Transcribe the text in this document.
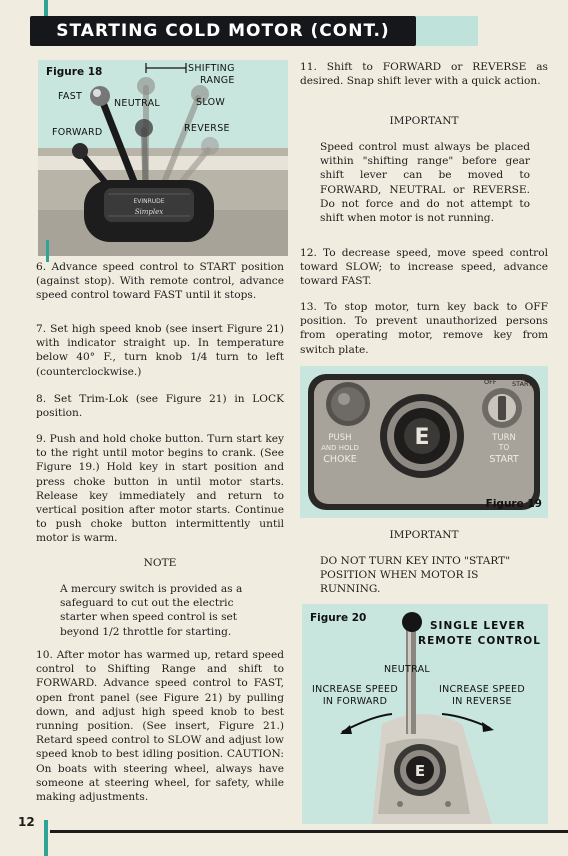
STARTING COLD MOTOR (CONT.)
EVINRUDE
Simplex
Figure 18	SHIFTING
RANGE
FAST
NEUTRAL	SLOW
FORWARD	REVERSE
6. Advance speed control to START position (against stop). With remote control, advance speed control toward FAST until it stops.
7. Set high speed knob (see insert Figure 21) with indicator straight up. In temperature below 40° F., turn knob 1/4 turn to left (counterclockwise.)
8. Set Trim-Lok (see Figure 21) in LOCK position.
9. Push and hold choke button. Turn start key to the right until motor begins to crank. (See Figure 19.) Hold key in start position and press choke button in until motor starts. Release key immediately and return to vertical position after motor starts. Continue to push choke button intermittently until motor is warm.
NOTE
A mercury switch is provided as a safeguard to cut out the electric starter when speed control is set beyond 1/2 throttle for starting.
10. After motor has warmed up, retard speed control to Shifting Range and shift to FORWARD. Advance speed control to FAST, open front panel (see Figure 21) by pulling down, and adjust high speed knob to best running position. (See insert, Figure 21.) Retard speed control to SLOW and adjust low speed knob to best idling position. CAUTION: On boats with steering wheel, always have someone at steering wheel, for safety, while making adjustments.
11. Shift to FORWARD or REVERSE as desired. Snap shift lever with a quick action.
IMPORTANT
Speed control must always be placed within "shifting range" before gear shift lever can be moved to FORWARD, NEUTRAL or REVERSE. Do not force and do not attempt to shift when motor is not running.
12. To decrease speed, move speed control toward SLOW; to increase speed, advance toward FAST.
13. To stop motor, turn key back to OFF position. To prevent unauthorized persons from operating motor, remove key from switch plate.
E
OFF START
PUSH
AND HOLD
CHOKE
TURN
TO
START
Figure 19
IMPORTANT
DO NOT TURN KEY INTO "START" POSITION WHEN MOTOR IS RUNNING.
E
Figure 20
SINGLE LEVER
REMOTE CONTROL
NEUTRAL
INCREASE SPEED
IN FORWARD
INCREASE SPEED
IN REVERSE
12
